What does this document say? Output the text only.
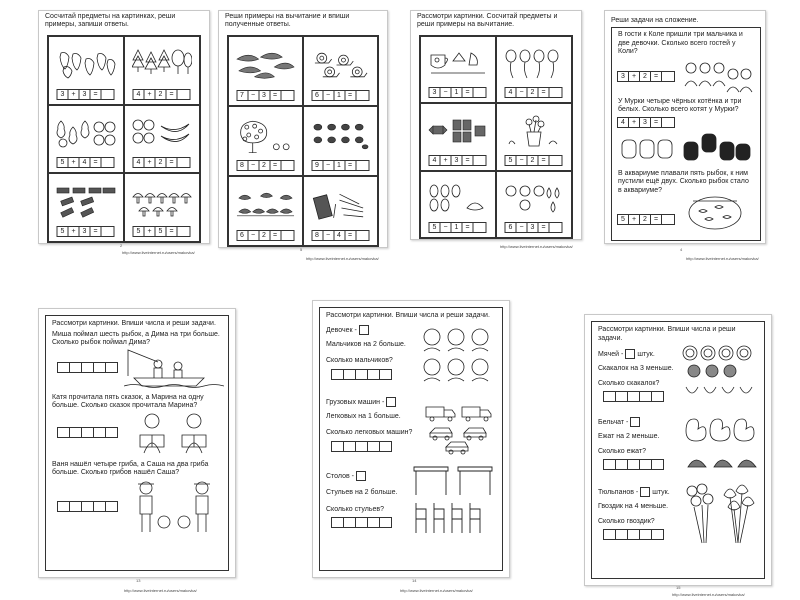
Сосчитай предметы на картинках, реши примеры, запиши ответы.
3	+	3	=	4	+	2	=
5	+	4	=	4	+	2	=
5	+	3	=	5	+	5	=
2
http://www.liveinternet.ru/users/makovka/
Реши примеры на вычитание и впиши полученные ответы.
7	−	3	=	6	−	1	=
8	−	2	=	9	−	1	=
6	−	2	=	8	−	4	=
5
http://www.liveinternet.ru/users/makovka/
Рассмотри картинки. Сосчитай предметы и реши примеры на вычитание.
3	−	1	=	4	−	2	=
4	+	3	=	5	−	2	=
5	−	1	=	6	−	3	=
http://www.liveinternet.ru/users/makovka/
Реши задачи на сложение.
В гости к Коле пришли три мальчика и две девочки. Сколько всего гостей у Коли?
3	+	2	=
У Мурки четыре чёрных котёнка и три белых. Сколько всего котят у Мурки?
4	+	3	=
В аквариуме плавали пять рыбок, к ним пустили ещё двух. Сколько рыбок стало в аквариуме?
5	+	2	=
4
http://www.liveinternet.ru/users/makovka/
Рассмотри картинки. Впиши числа и реши задачи.
Миша поймал шесть рыбок, а Дима на три больше. Сколько рыбок поймал Дима?
Катя прочитала пять сказок, а Марина на одну больше. Сколько сказок прочитала Марина?
Ваня нашёл четыре гриба, а Саша на два гриба больше. Сколько грибов нашёл Саша?
13
http://www.liveinternet.ru/users/makovka/
Рассмотри картинки. Впиши числа и реши задачи.
Девочек -
Мальчиков на 2 больше.
Сколько мальчиков?
Грузовых машин -
Легковых на 1 больше.
Сколько легковых машин?
Столов -
Стульев на 2 больше.
Сколько стульев?
14
http://www.liveinternet.ru/users/makovka/
Рассмотри картинки. Впиши числа и реши задачи.
Мячей - штук.
Скакалок на 3 меньше.
Сколько скакалок?
Бельчат -
Ежат на 2 меньше.
Сколько ежат?
Тюльпанов - штук.
Гвоздик на 4 меньше.
Сколько гвоздик?
15
http://www.liveinternet.ru/users/makovka/
